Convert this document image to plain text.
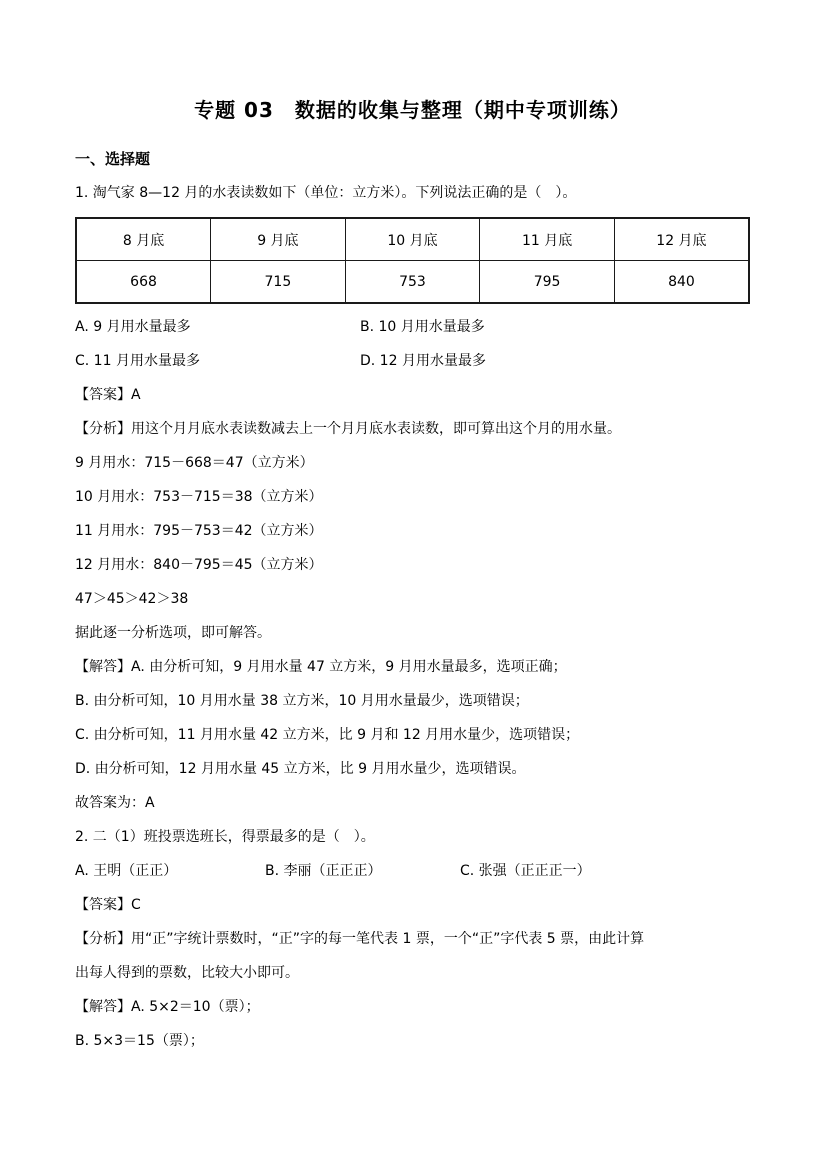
专题 03　数据的收集与整理（期中专项训练）
一、选择题

1. 淘气家 8—12 月的水表读数如下（单位：立方米）。下列说法正确的是（　）。

8 月底	9 月底	10 月底	11 月底	12 月底
668	715	753	795	840
A. 9 月用水量最多	B. 10 月用水量最多
C. 11 月用水量最多	D. 12 月用水量最多

【答案】A

【分析】用这个月月底水表读数减去上一个月月底水表读数，即可算出这个月的用水量。

9 月用水：715－668＝47（立方米）

10 月用水：753－715＝38（立方米）

11 月用水：795－753＝42（立方米）

12 月用水：840－795＝45（立方米）

47＞45＞42＞38

据此逐一分析选项，即可解答。

【解答】A. 由分析可知，9 月用水量 47 立方米，9 月用水量最多，选项正确；

B. 由分析可知，10 月用水量 38 立方米，10 月用水量最少，选项错误；

C. 由分析可知，11 月用水量 42 立方米，比 9 月和 12 月用水量少，选项错误；

D. 由分析可知，12 月用水量 45 立方米，比 9 月用水量少，选项错误。

故答案为：A

2. 二（1）班投票选班长，得票最多的是（　）。

A. 王明（正正）	B. 李丽（正正正）	C. 张强（正正正一）

【答案】C

【分析】用“正”字统计票数时，“正”字的每一笔代表 1 票，一个“正”字代表 5 票，由此计算

出每人得到的票数，比较大小即可。

【解答】A. 5×2＝10（票）；

B. 5×3＝15（票）；
